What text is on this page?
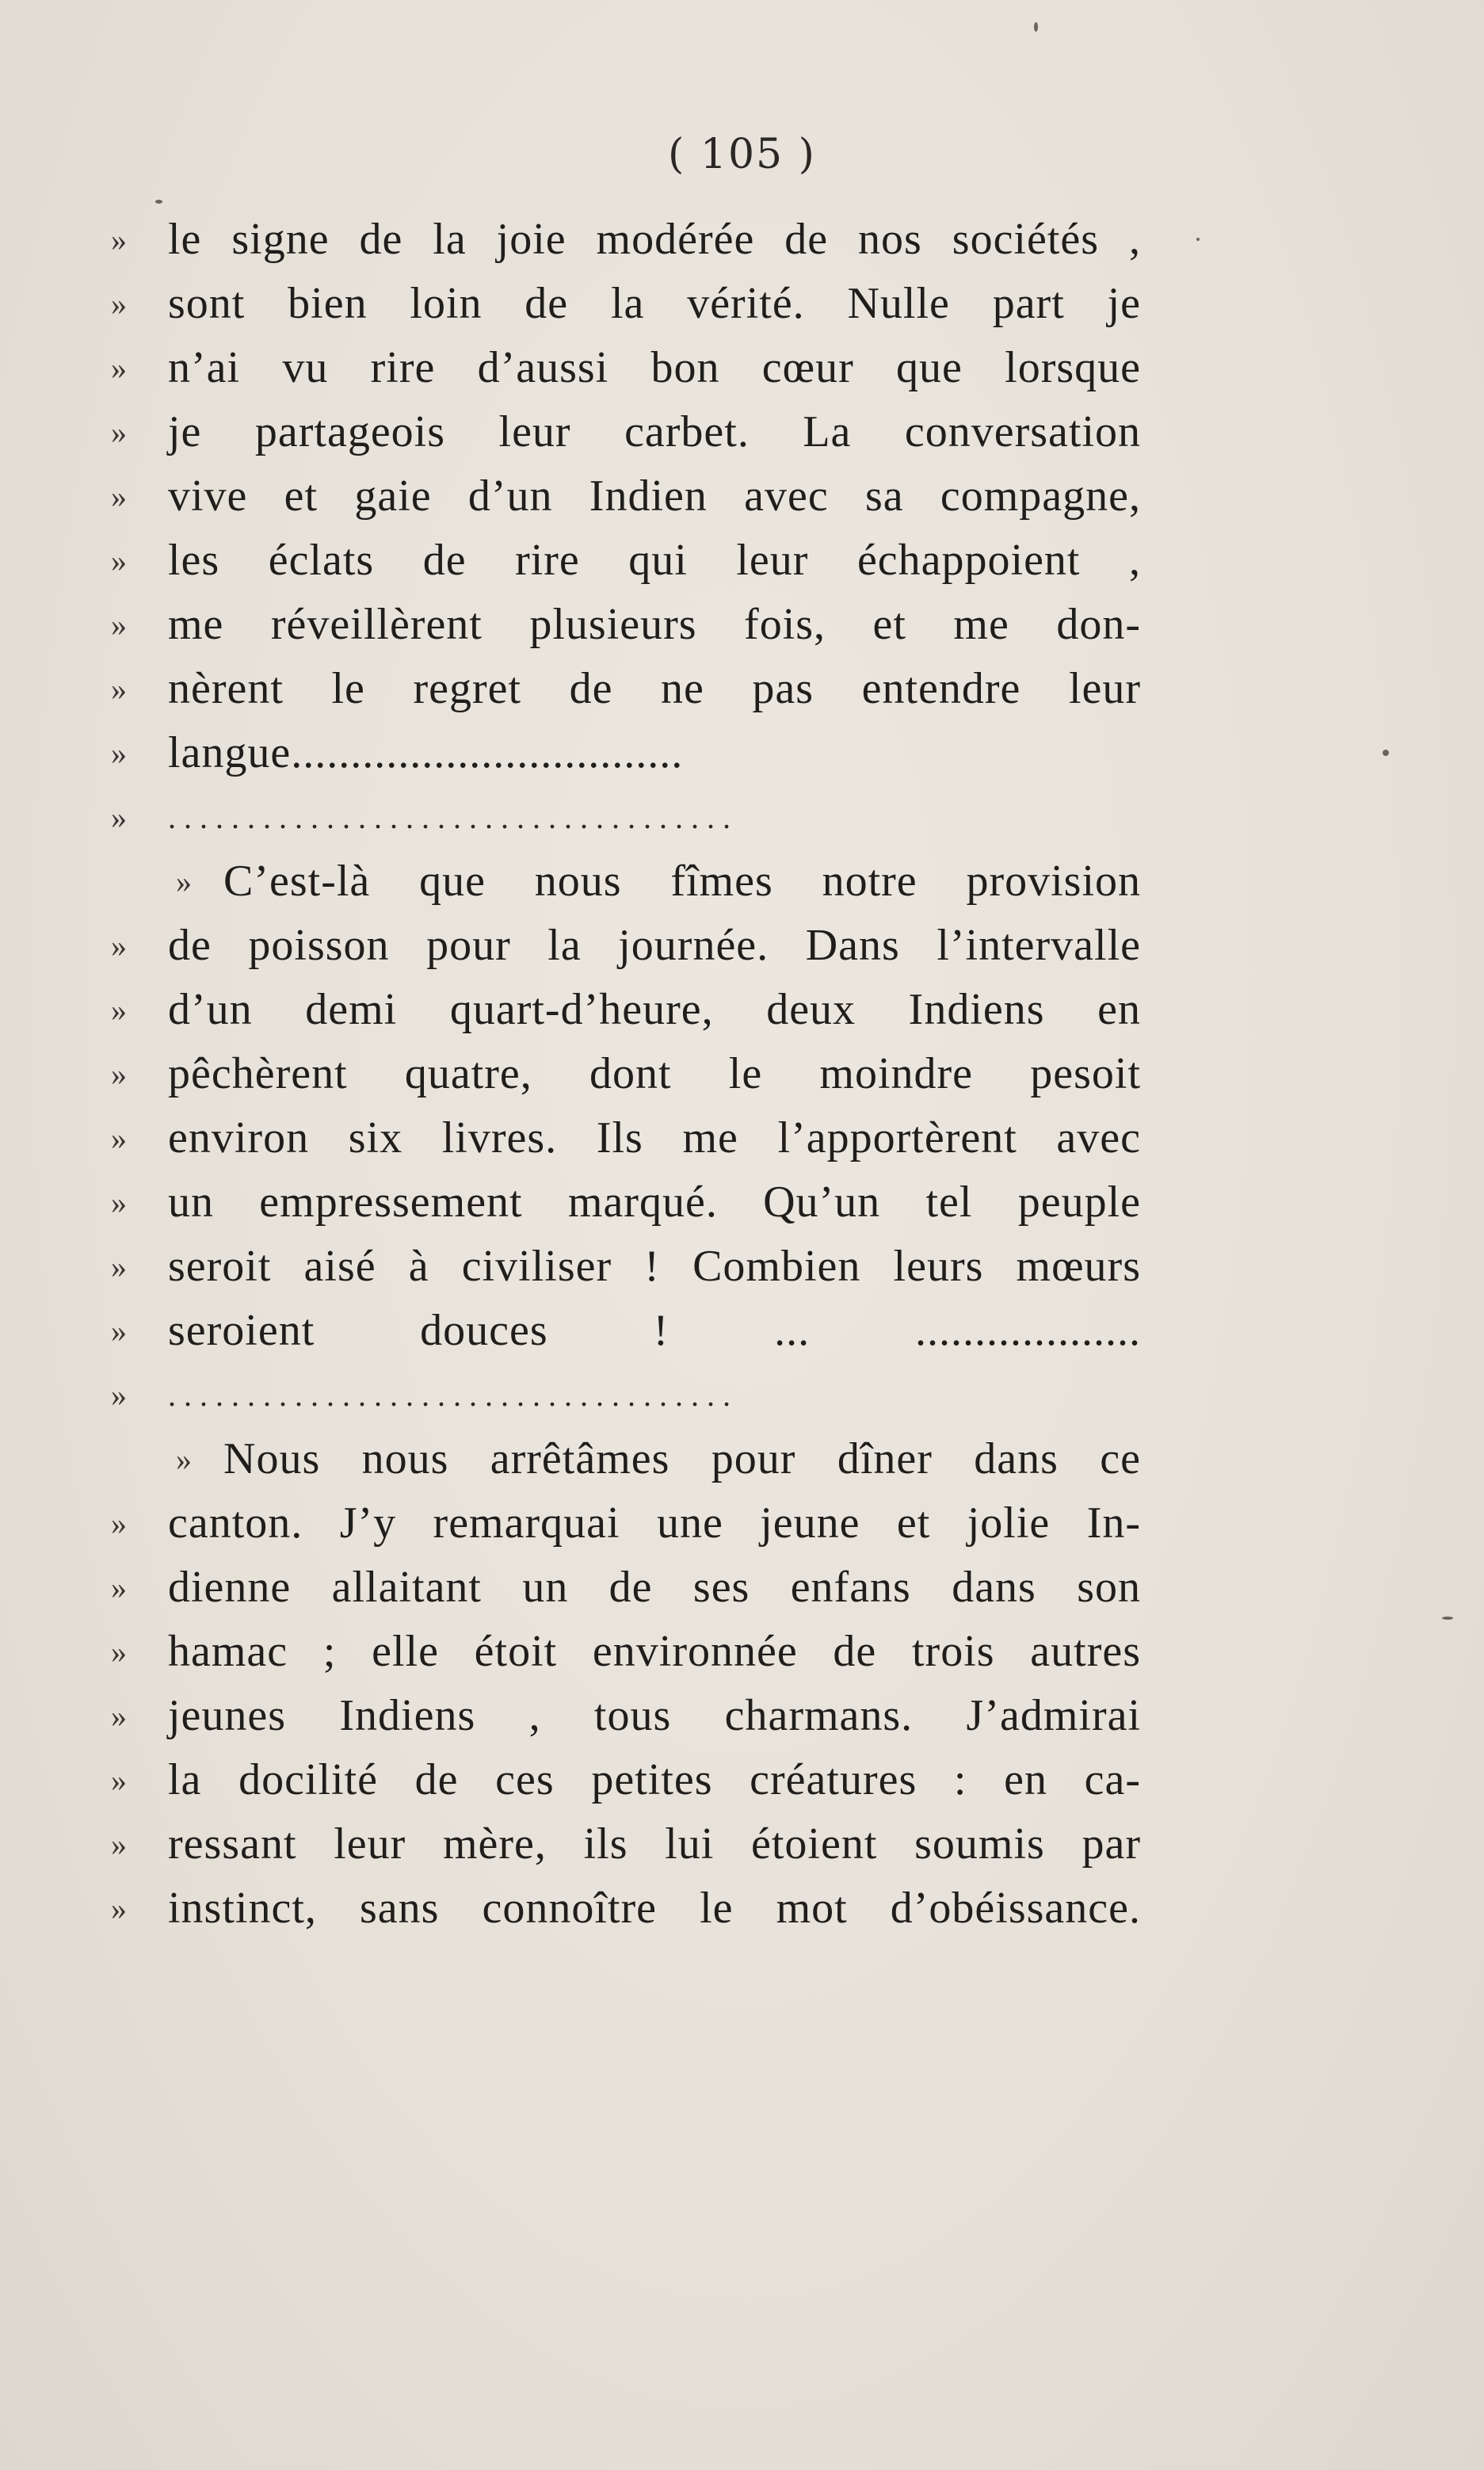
( 105 )
» le signe de la joie modérée de nos sociétés ,
» sont bien loin de la vérité. Nulle part je
» n’ai vu rire d’aussi bon cœur que lorsque
» je partageois leur carbet. La conversation
» vive et gaie d’un Indien avec sa compagne,
» les éclats de rire qui leur échappoient ,
» me réveillèrent plusieurs fois, et me don-
» nèrent le regret de ne pas entendre leur
» langue.................................
»	....................................
» C’est-là que nous fîmes notre provision
» de poisson pour la journée. Dans l’intervalle
» d’un demi quart-d’heure, deux Indiens en
» pêchèrent quatre, dont le moindre pesoit
» environ six livres. Ils me l’apportèrent avec
» un empressement marqué. Qu’un tel peuple
» seroit aisé à civiliser ! Combien leurs mœurs
» seroient douces ! ... ...................
»	....................................
» Nous nous arrêtâmes pour dîner dans ce
» canton. J’y remarquai une jeune et jolie In-
» dienne allaitant un de ses enfans dans son
» hamac ; elle étoit environnée de trois autres
» jeunes Indiens , tous charmans. J’admirai
» la docilité de ces petites créatures : en ca-
» ressant leur mère, ils lui étoient soumis par
» instinct, sans connoître le mot d’obéissance.
